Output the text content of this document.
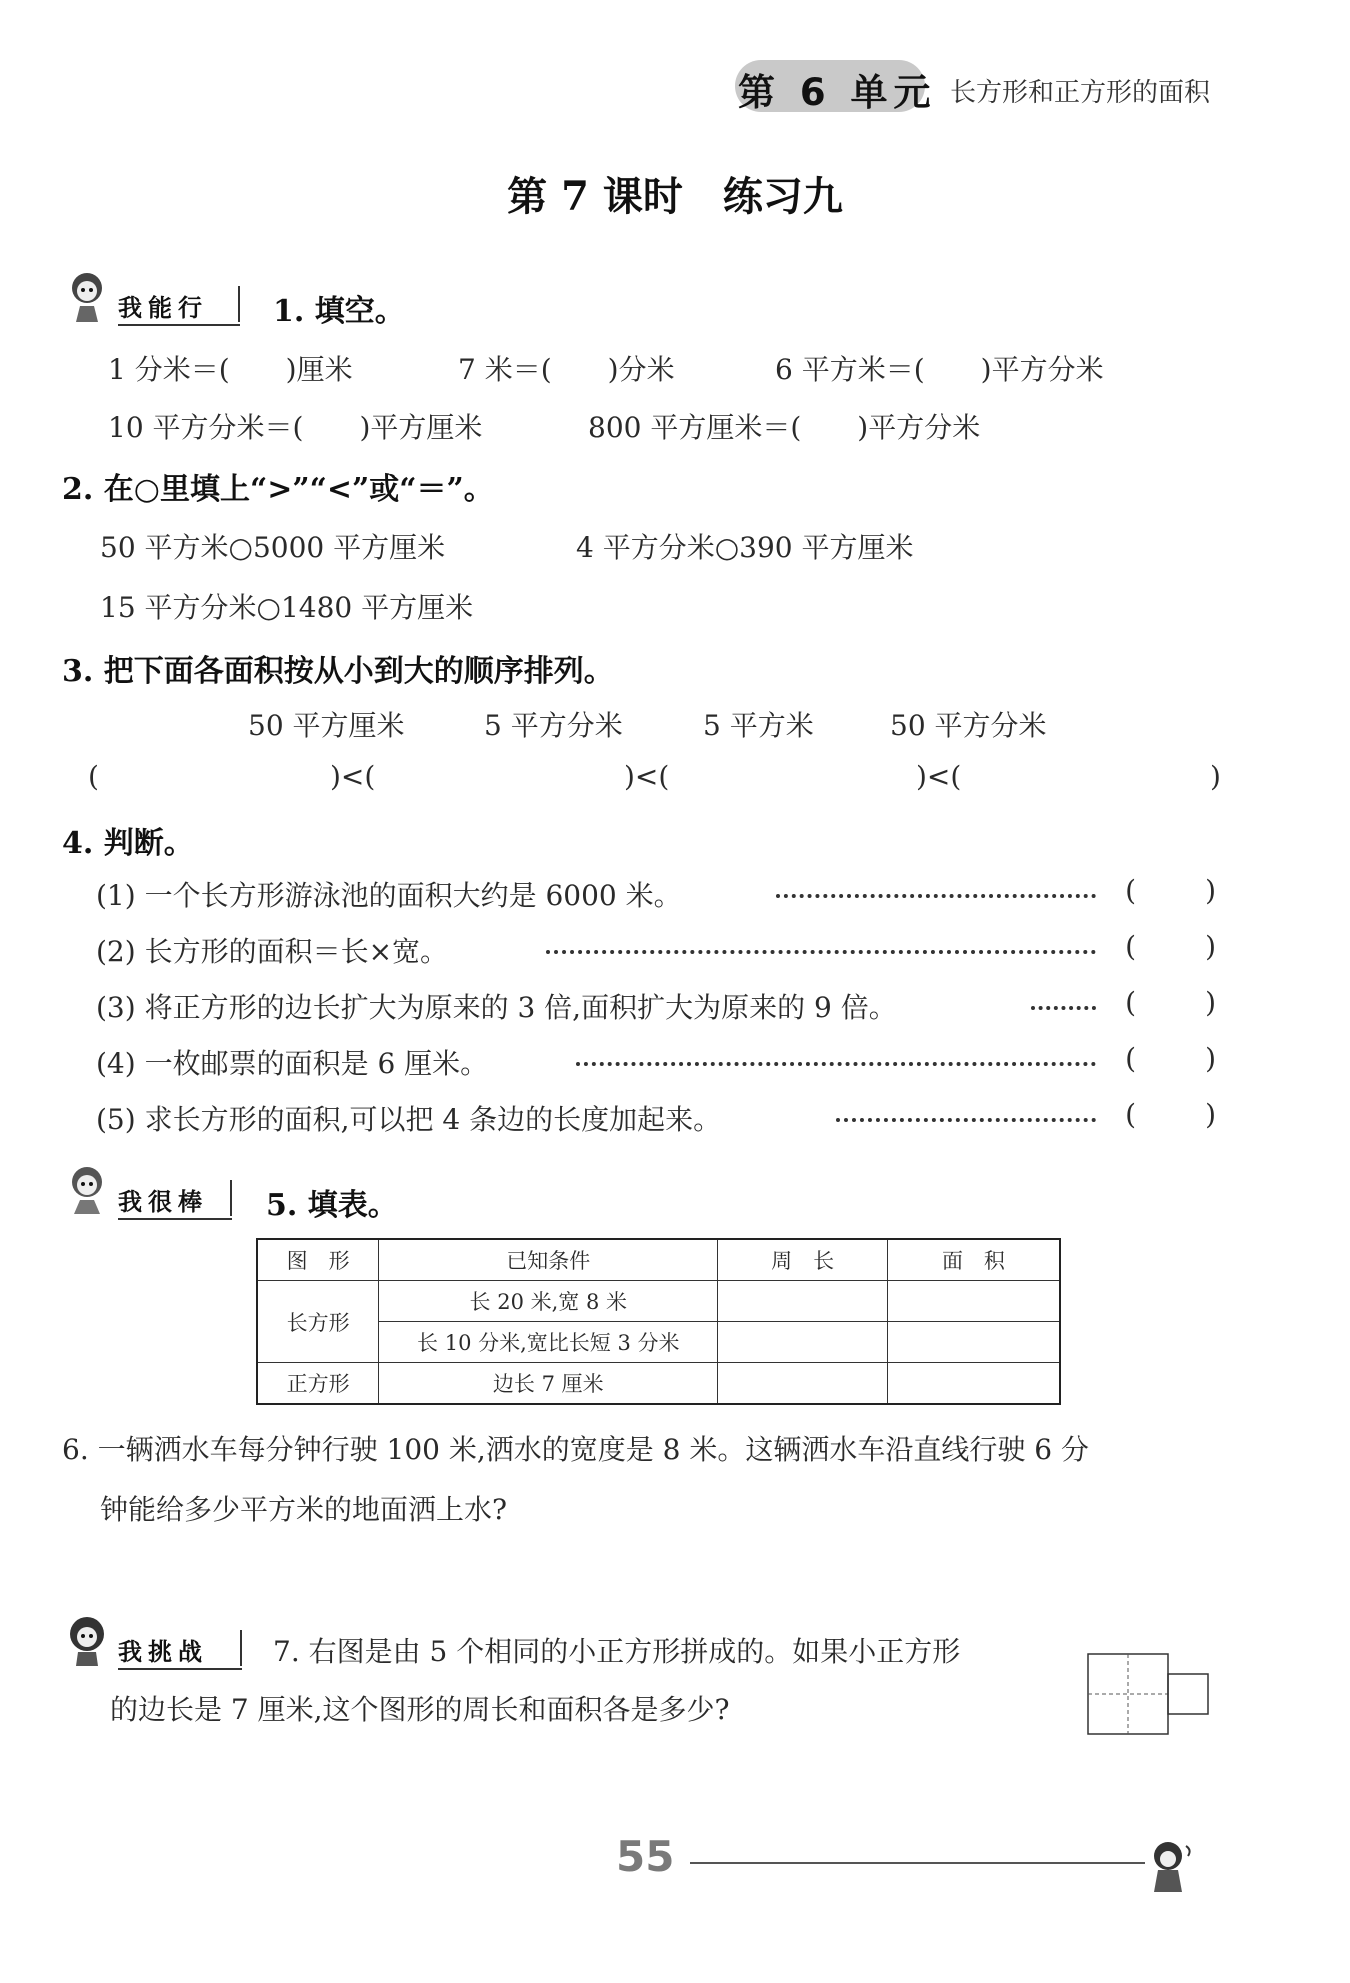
第 6 单元 长方形和正方形的面积
第 7 课时　练习九
我能行 1. 填空。
1 分米＝(　　)厘米	7 米＝(　　)分米	6 平方米＝(　　)平方分米
10 平方分米＝(　　)平方厘米	800 平方厘米＝(　　)平方分米
2. 在○里填上“>”“<”或“＝”。
50 平方米○5000 平方厘米	4 平方分米○390 平方厘米
15 平方分米○1480 平方厘米
3. 把下面各面积按从小到大的顺序排列。
50 平方厘米	5 平方分米	5 平方米	50 平方分米
(	)<(	)<(	)<(	)
4. 判断。
(1) 一个长方形游泳池的面积大约是 6000 米。	( )
(2) 长方形的面积＝长×宽。	( )
(3) 将正方形的边长扩大为原来的 3 倍,面积扩大为原来的 9 倍。	( )
(4) 一枚邮票的面积是 6 厘米。	( )
(5) 求长方形的面积,可以把 4 条边的长度加起来。	( )
我很棒 5. 填表。
图　形	已知条件	周　长	面　积
长方形	长 20 米,宽 8 米		
	长 10 分米,宽比长短 3 分米		
正方形	边长 7 厘米		
6. 一辆洒水车每分钟行驶 100 米,洒水的宽度是 8 米。这辆洒水车沿直线行驶 6 分
钟能给多少平方米的地面洒上水?
我挑战 7. 右图是由 5 个相同的小正方形拼成的。如果小正方形
的边长是 7 厘米,这个图形的周长和面积各是多少?
55
